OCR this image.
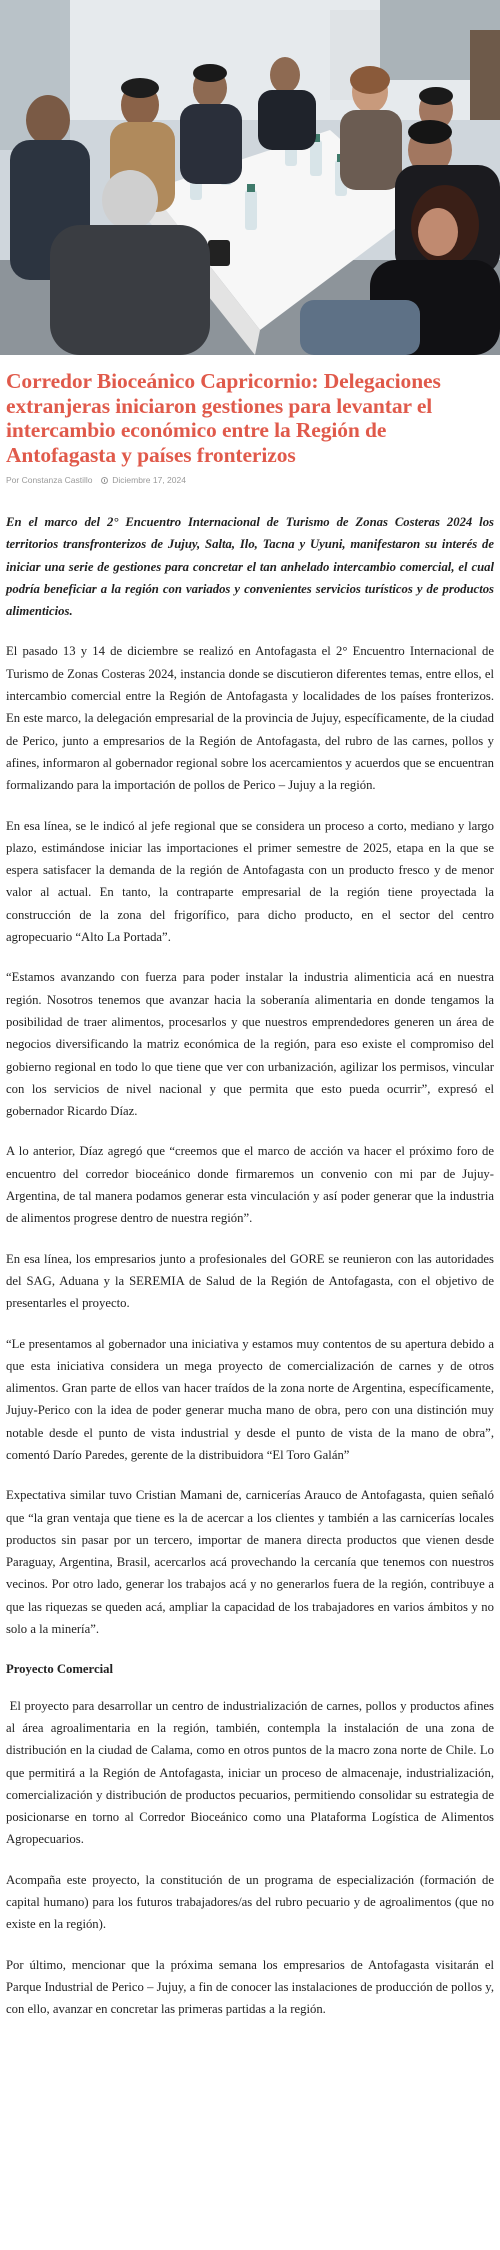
Corredor Bioceánico Capricornio: Delegaciones extranjeras iniciaron gestiones para levantar el intercambio económico entre la Región de Antofagasta y países fronterizos
Por Constanza Castillo Diciembre 17, 2024

En el marco del 2° Encuentro Internacional de Turismo de Zonas Costeras 2024 los territorios transfronterizos de Jujuy, Salta, Ilo, Tacna y Uyuni, manifestaron su interés de iniciar una serie de gestiones para concretar el tan anhelado intercambio comercial, el cual podría beneficiar a la región con variados y convenientes servicios turísticos y de productos alimenticios.

El pasado 13 y 14 de diciembre se realizó en Antofagasta el 2° Encuentro Internacional de Turismo de Zonas Costeras 2024, instancia donde se discutieron diferentes temas, entre ellos, el intercambio comercial entre la Región de Antofagasta y localidades de los países fronterizos. En este marco, la delegación empresarial de la provincia de Jujuy, específicamente, de la ciudad de Perico, junto a empresarios de la Región de Antofagasta, del rubro de las carnes, pollos y afines, informaron al gobernador regional sobre los acercamientos y acuerdos que se encuentran formalizando para la importación de pollos de Perico – Jujuy a la región.

En esa línea, se le indicó al jefe regional que se considera un proceso a corto, mediano y largo plazo, estimándose iniciar las importaciones el primer semestre de 2025, etapa en la que se espera satisfacer la demanda de la región de Antofagasta con un producto fresco y de menor valor al actual. En tanto, la contraparte empresarial de la región tiene proyectada la construcción de la zona del frigorífico, para dicho producto, en el sector del centro agropecuario “Alto La Portada”.

“Estamos avanzando con fuerza para poder instalar la industria alimenticia acá en nuestra región. Nosotros tenemos que avanzar hacia la soberanía alimentaria en donde tengamos la posibilidad de traer alimentos, procesarlos y que nuestros emprendedores generen un área de negocios diversificando la matriz económica de la región, para eso existe el compromiso del gobierno regional en todo lo que tiene que ver con urbanización, agilizar los permisos, vincular con los servicios de nivel nacional y que permita que esto pueda ocurrir”, expresó el gobernador Ricardo Díaz.

A lo anterior, Díaz agregó que “creemos que el marco de acción va hacer el próximo foro de encuentro del corredor bioceánico donde firmaremos un convenio con mi par de Jujuy-Argentina, de tal manera podamos generar esta vinculación y así poder generar que la industria de alimentos progrese dentro de nuestra región”.

En esa línea, los empresarios junto a profesionales del GORE se reunieron con las autoridades del SAG, Aduana y la SEREMIA de Salud de la Región de Antofagasta, con el objetivo de presentarles el proyecto.

“Le presentamos al gobernador una iniciativa y estamos muy contentos de su apertura debido a que esta iniciativa considera un mega proyecto de comercialización de carnes y de otros alimentos. Gran parte de ellos van hacer traídos de la zona norte de Argentina, específicamente, Jujuy-Perico con la idea de poder generar mucha mano de obra, pero con una distinción muy notable desde el punto de vista industrial y desde el punto de vista de la mano de obra”, comentó Darío Paredes, gerente de la distribuidora “El Toro Galán”

Expectativa similar tuvo Cristian Mamani de, carnicerías Arauco de Antofagasta, quien señaló que “la gran ventaja que tiene es la de acercar a los clientes y también a las carnicerías locales productos sin pasar por un tercero, importar de manera directa productos que vienen desde Paraguay, Argentina, Brasil, acercarlos acá provechando la cercanía que tenemos con nuestros vecinos. Por otro lado, generar los trabajos acá y no generarlos fuera de la región, contribuye a que las riquezas se queden acá, ampliar la capacidad de los trabajadores en varios ámbitos y no solo a la minería”.

Proyecto Comercial

El proyecto para desarrollar un centro de industrialización de carnes, pollos y productos afines al área agroalimentaria en la región, también, contempla la instalación de una zona de distribución en la ciudad de Calama, como en otros puntos de la macro zona norte de Chile. Lo que permitirá a la Región de Antofagasta, iniciar un proceso de almacenaje, industrialización, comercialización y distribución de productos pecuarios, permitiendo consolidar su estrategia de posicionarse en torno al Corredor Bioceánico como una Plataforma Logística de Alimentos Agropecuarios.

Acompaña este proyecto, la constitución de un programa de especialización (formación de capital humano) para los futuros trabajadores/as del rubro pecuario y de agroalimentos (que no existe en la región).

Por último, mencionar que la próxima semana los empresarios de Antofagasta visitarán el Parque Industrial de Perico – Jujuy, a fin de conocer las instalaciones de producción de pollos y, con ello, avanzar en concretar las primeras partidas a la región.
